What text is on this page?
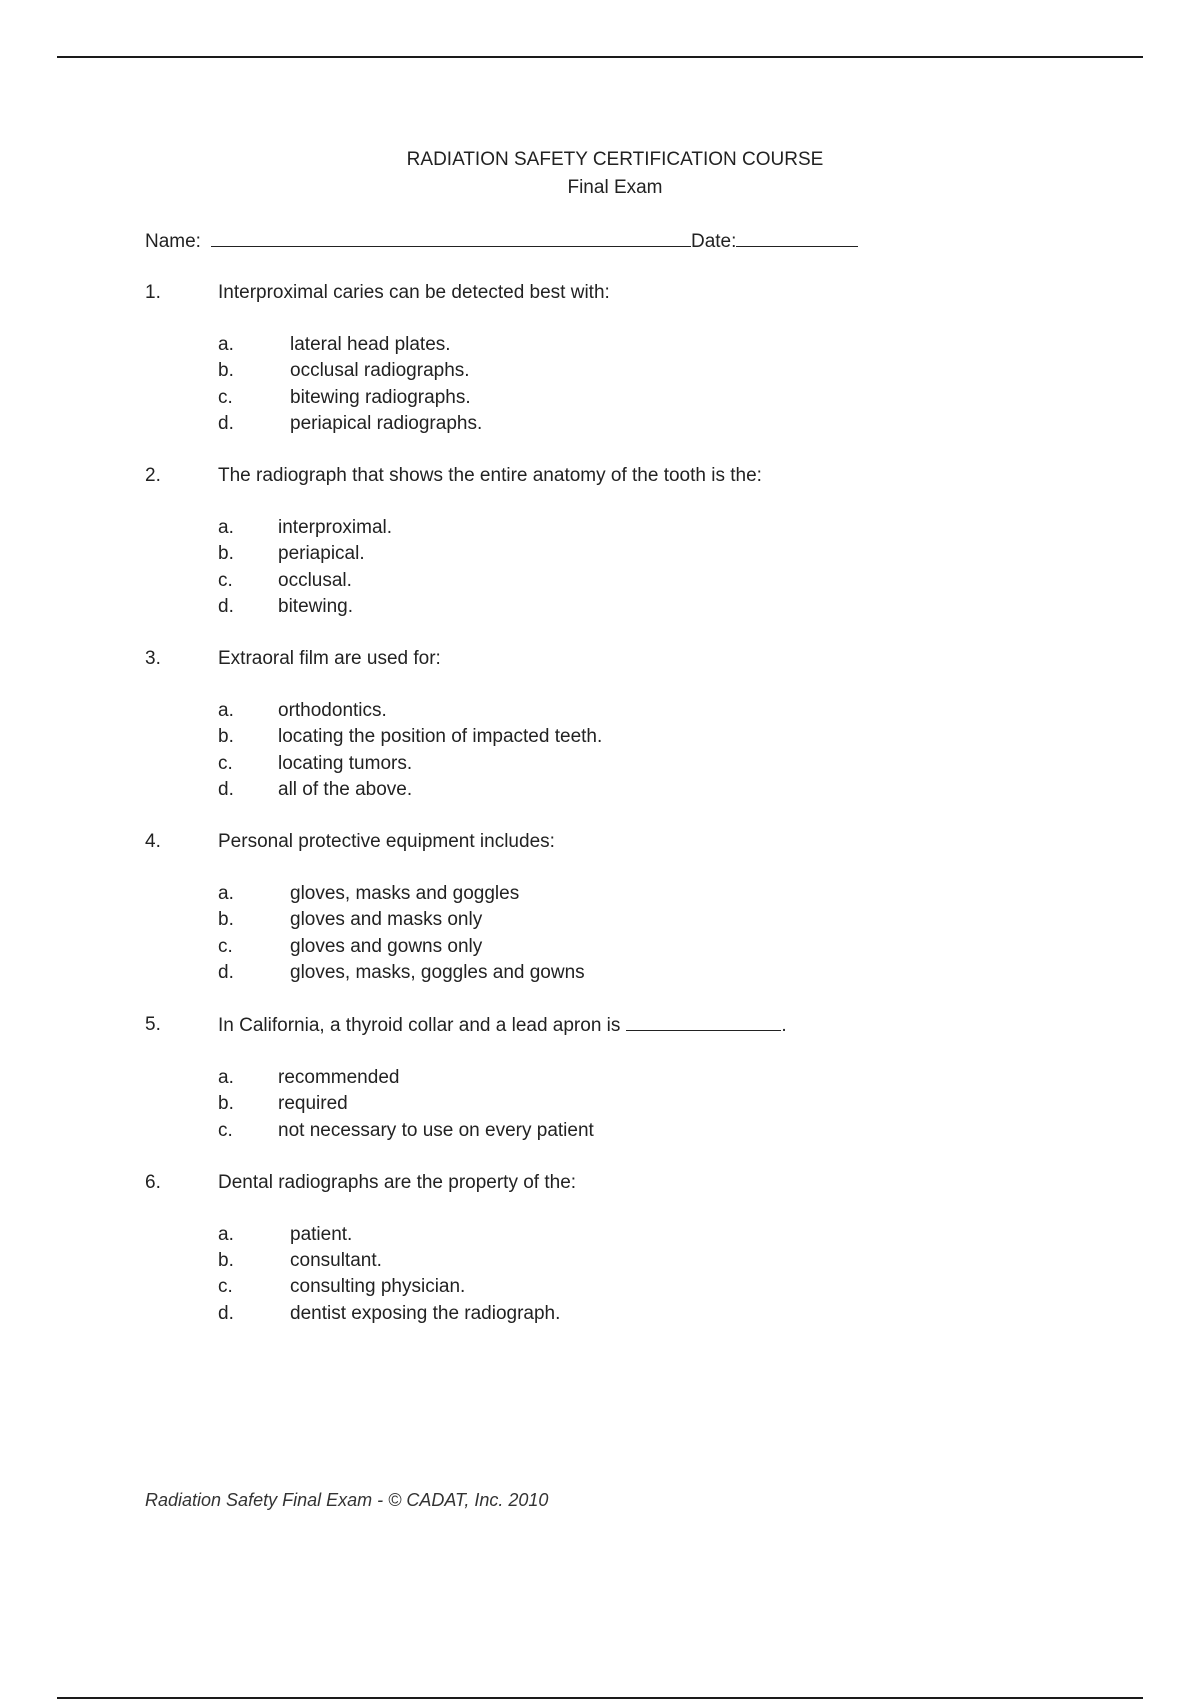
RADIATION SAFETY CERTIFICATION COURSE
Final Exam
Name:	Date:
1.	Interproximal caries can be detected best with:
a.	lateral head plates.
b.	occlusal radiographs.
c.	bitewing radiographs.
d.	periapical radiographs.
2.	The radiograph that shows the entire anatomy of the tooth is the:
a.	interproximal.
b.	periapical.
c.	occlusal.
d.	bitewing.
3.	Extraoral film are used for:
a.	orthodontics.
b.	locating the position of impacted teeth.
c.	locating tumors.
d.	all of the above.
4.	Personal protective equipment includes:
a.	gloves, masks and goggles
b.	gloves and masks only
c.	gloves and gowns only
d.	gloves, masks, goggles and gowns
5.	In California, a thyroid collar and a lead apron is	.
a.	recommended
b.	required
c.	not necessary to use on every patient
6.	Dental radiographs are the property of the:
a.	patient.
b.	consultant.
c.	consulting physician.
d.	dentist exposing the radiograph.
Radiation Safety Final Exam - © CADAT, Inc. 2010
